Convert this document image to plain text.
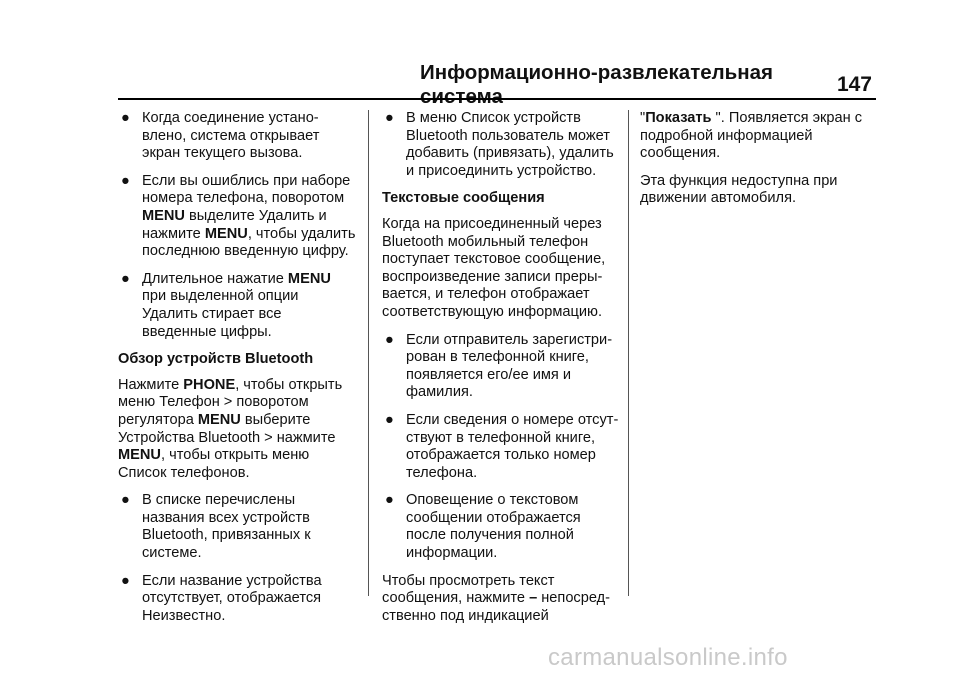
Информационно-развлекательная система
147
● Когда соединение устано-
влено, система открывает
экран текущего вызова.
● Если вы ошиблись при наборе
номера телефона, поворотом
MENU выделите Удалить и
нажмите MENU, чтобы удалить
последнюю введенную цифру.
● Длительное нажатие MENU
при выделенной опции
Удалить стирает все
введенные цифры.
Обзор устройств Bluetooth
Нажмите PHONE, чтобы открыть
меню Телефон > поворотом
регулятора MENU выберите
Устройства Bluetooth > нажмите
MENU, чтобы открыть меню
Список телефонов.
● В списке перечислены
названия всех устройств
Bluetooth, привязанных к
системе.
● Если название устройства
отсутствует, отображается
Неизвестно.
● В меню Список устройств
Bluetooth пользователь может
добавить (привязать), удалить
и присоединить устройство.
Текстовые сообщения
Когда на присоединенный через
Bluetooth мобильный телефон
поступает текстовое сообщение,
воспроизведение записи преры-
вается, и телефон отображает
соответствующую информацию.
● Если отправитель зарегистри-
рован в телефонной книге,
появляется его/ее имя и
фамилия.
● Если сведения о номере отсут-
ствуют в телефонной книге,
отображается только номер
телефона.
● Оповещение о текстовом
сообщении отображается
после получения полной
информации.
Чтобы просмотреть текст
сообщения, нажмите – непосред-
ственно под индикацией
"Показать ". Появляется экран с
подробной информацией
сообщения.
Эта функция недоступна при
движении автомобиля.
carmanualsonline.info
